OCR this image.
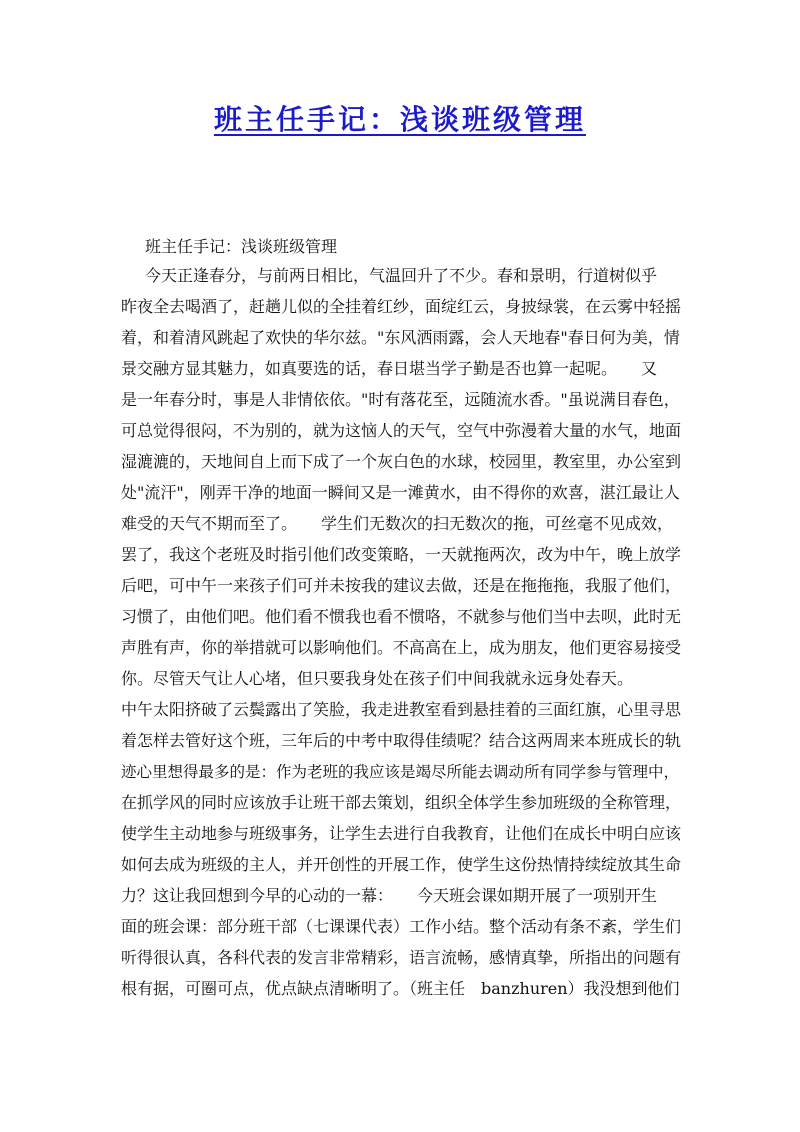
班主任手记：浅谈班级管理
班主任手记：浅谈班级管理
今天正逢春分，与前两日相比，气温回升了不少。春和景明，行道树似乎
昨夜全去喝酒了，赶趟儿似的全挂着红纱，面绽红云，身披绿裳，在云雾中轻摇
着，和着清风跳起了欢快的华尔兹。"东风洒雨露，会人天地春"春日何为美，情
景交融方显其魅力，如真要选的话，春日堪当学子勤是否也算一起呢。　　又
是一年春分时，事是人非情依依。"时有落花至，远随流水香。"虽说满目春色，
可总觉得很闷，不为别的，就为这恼人的天气，空气中弥漫着大量的水气，地面
湿漉漉的，天地间自上而下成了一个灰白色的水球，校园里，教室里，办公室到
处"流汗"，刚弄干净的地面一瞬间又是一滩黄水，由不得你的欢喜，湛江最让人
难受的天气不期而至了。　　学生们无数次的扫无数次的拖，可丝毫不见成效，
罢了，我这个老班及时指引他们改变策略，一天就拖两次，改为中午，晚上放学
后吧，可中午一来孩子们可并未按我的建议去做，还是在拖拖拖，我服了他们，
习惯了，由他们吧。他们看不惯我也看不惯咯，不就参与他们当中去呗，此时无
声胜有声，你的举措就可以影响他们。不高高在上，成为朋友，他们更容易接受
你。尽管天气让人心堵，但只要我身处在孩子们中间我就永远身处春天。
中午太阳挤破了云鬓露出了笑脸，我走进教室看到悬挂着的三面红旗，心里寻思
着怎样去管好这个班，三年后的中考中取得佳绩呢？结合这两周来本班成长的轨
迹心里想得最多的是：作为老班的我应该是竭尽所能去调动所有同学参与管理中，
在抓学风的同时应该放手让班干部去策划，组织全体学生参加班级的全称管理，
使学生主动地参与班级事务，让学生去进行自我教育，让他们在成长中明白应该
如何去成为班级的主人，并开创性的开展工作，使学生这份热情持续绽放其生命
力？这让我回想到今早的心动的一幕：　　今天班会课如期开展了一项别开生
面的班会课：部分班干部（七课课代表）工作小结。整个活动有条不紊，学生们
听得很认真，各科代表的发言非常精彩，语言流畅，感情真挚，所指出的问题有
根有据，可圈可点，优点缺点清晰明了。（班主任　banzhuren）我没想到他们
